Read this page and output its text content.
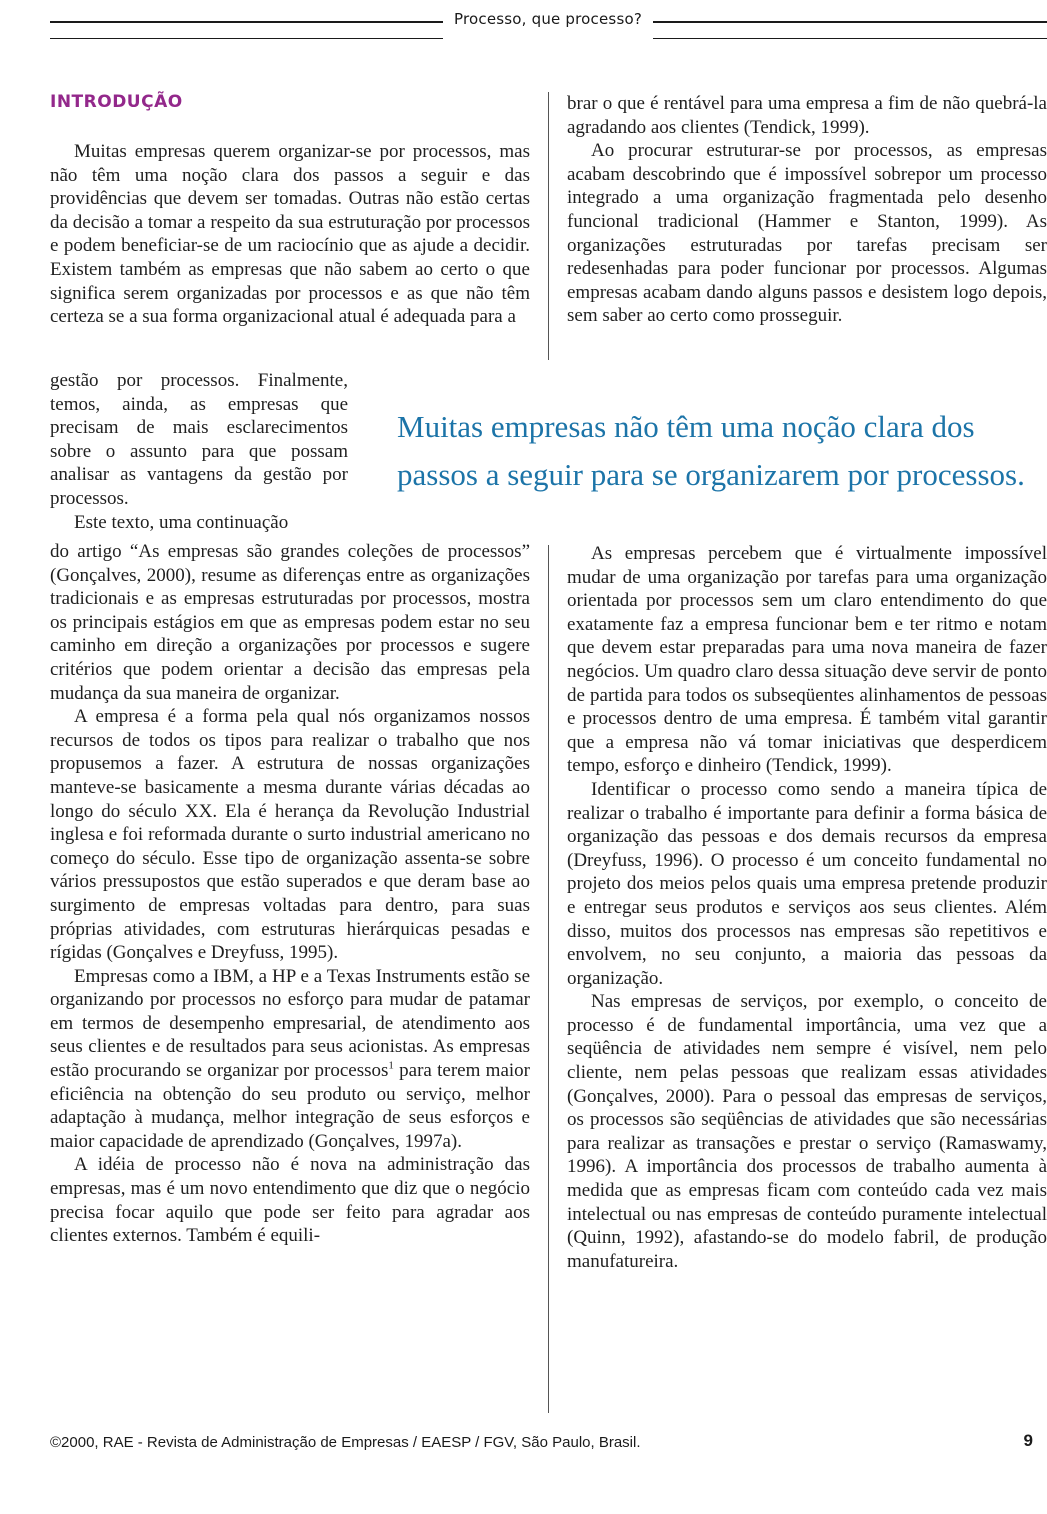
Processo, que processo?
INTRODUÇÃO

Muitas empresas querem organizar-se por processos, mas não têm uma noção clara dos passos a seguir e das providências que devem ser tomadas. Outras não estão certas da decisão a tomar a respeito da sua estruturação por processos e podem beneficiar-se de um raciocínio que as ajude a decidir. Existem também as empresas que não sabem ao certo o que significa serem organizadas por processos e as que não têm certeza se a sua forma organizacional atual é adequada para a

gestão por processos. Finalmente, temos, ainda, as empresas que precisam de mais esclarecimentos sobre o assunto para que possam analisar as vantagens da gestão por processos.

Este texto, uma continuação

do artigo “As empresas são grandes coleções de processos” (Gonçalves, 2000), resume as diferenças entre as organizações tradicionais e as empresas estruturadas por processos, mostra os principais estágios em que as empresas podem estar no seu caminho em direção a organizações por processos e sugere critérios que podem orientar a decisão das empresas pela mudança da sua maneira de organizar.

A empresa é a forma pela qual nós organizamos nossos recursos de todos os tipos para realizar o trabalho que nos propusemos a fazer. A estrutura de nossas organizações manteve-se basicamente a mesma durante várias décadas ao longo do século XX. Ela é herança da Revolução Industrial inglesa e foi reformada durante o surto industrial americano no começo do século. Esse tipo de organização assenta-se sobre vários pressupostos que estão superados e que deram base ao surgimento de empresas voltadas para dentro, para suas próprias atividades, com estruturas hierárquicas pesadas e rígidas (Gonçalves e Dreyfuss, 1995).

Empresas como a IBM, a HP e a Texas Instruments estão se organizando por processos no esforço para mudar de patamar em termos de desempenho empresarial, de atendimento aos seus clientes e de resultados para seus acionistas. As empresas estão procurando se organizar por processos$^1$ para terem maior eficiência na obtenção do seu produto ou serviço, melhor adaptação à mudança, melhor integração de seus esforços e maior capacidade de aprendizado (Gonçalves, 1997a).

A idéia de processo não é nova na administração das empresas, mas é um novo entendimento que diz que o negócio precisa focar aquilo que pode ser feito para agradar aos clientes externos. Também é equili-

brar o que é rentável para uma empresa a fim de não quebrá-la agradando aos clientes (Tendick, 1999).

Ao procurar estruturar-se por processos, as empresas acabam descobrindo que é impossível sobrepor um processo integrado a uma organização fragmentada pelo desenho funcional tradicional (Hammer e Stanton, 1999). As organizações estruturadas por tarefas precisam ser redesenhadas para poder funcionar por processos. Algumas empresas acabam dando alguns passos e desistem logo depois, sem saber ao certo como prosseguir.

Muitas empresas não têm uma noção clara dos passos a seguir para se organizarem por processos.

As empresas percebem que é virtualmente impossível mudar de uma organização por tarefas para uma organização orientada por processos sem um claro entendimento do que exatamente faz a empresa funcionar bem e ter ritmo e notam que devem estar preparadas para uma nova maneira de fazer negócios. Um quadro claro dessa situação deve servir de ponto de partida para todos os subseqüentes alinhamentos de pessoas e processos dentro de uma empresa. É também vital garantir que a empresa não vá tomar iniciativas que desperdicem tempo, esforço e dinheiro (Tendick, 1999).

Identificar o processo como sendo a maneira típica de realizar o trabalho é importante para definir a forma básica de organização das pessoas e dos demais recursos da empresa (Dreyfuss, 1996). O processo é um conceito fundamental no projeto dos meios pelos quais uma empresa pretende produzir e entregar seus produtos e serviços aos seus clientes. Além disso, muitos dos processos nas empresas são repetitivos e envolvem, no seu conjunto, a maioria das pessoas da organização.

Nas empresas de serviços, por exemplo, o conceito de processo é de fundamental importância, uma vez que a seqüência de atividades nem sempre é visível, nem pelo cliente, nem pelas pessoas que realizam essas atividades (Gonçalves, 2000). Para o pessoal das empresas de serviços, os processos são seqüências de atividades que são necessárias para realizar as transações e prestar o serviço (Ramaswamy, 1996). A importância dos processos de trabalho aumenta à medida que as empresas ficam com conteúdo cada vez mais intelectual ou nas empresas de conteúdo puramente intelectual (Quinn, 1992), afastando-se do modelo fabril, de produção manufatureira.

©2000, RAE - Revista de Administração de Empresas / EAESP / FGV, São Paulo, Brasil.	9
